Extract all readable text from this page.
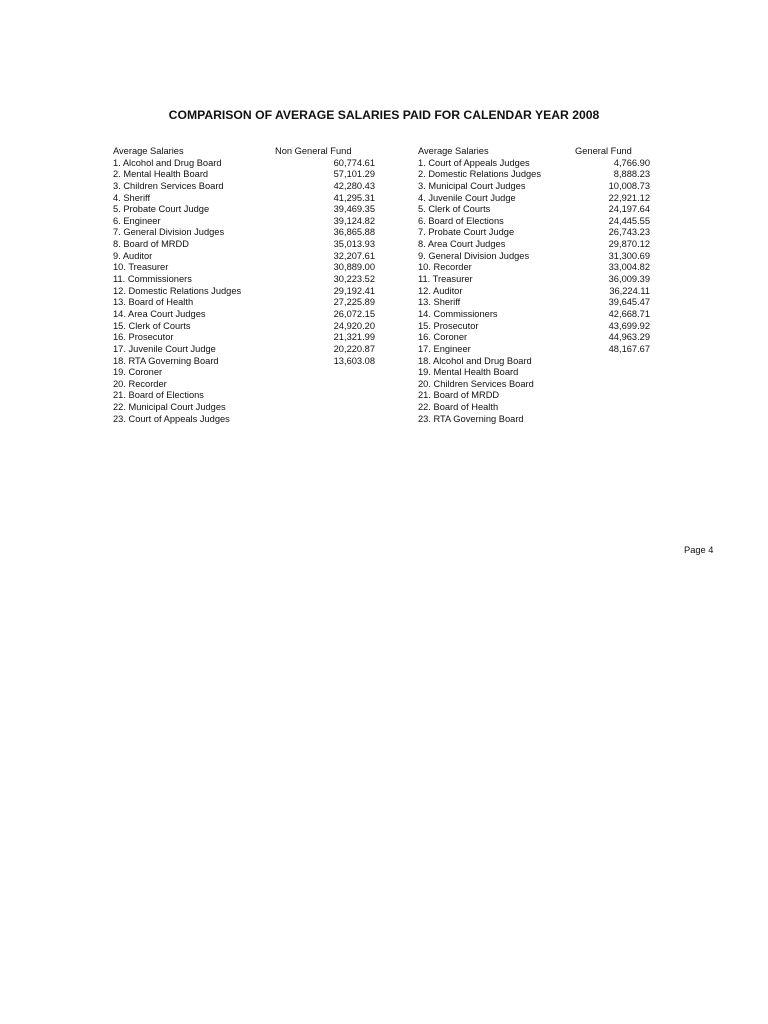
COMPARISON OF AVERAGE SALARIES PAID FOR CALENDAR YEAR 2008
Average Salaries	Non General Fund
1. Alcohol and Drug Board	60,774.61
2. Mental Health Board	57,101.29
3. Children Services Board	42,280.43
4. Sheriff	41,295.31
5. Probate Court Judge	39,469.35
6. Engineer	39,124.82
7. General Division Judges	36,865.88
8. Board of MRDD	35,013.93
9. Auditor	32,207.61
10. Treasurer	30,889.00
11. Commissioners	30,223.52
12. Domestic Relations Judges	29,192.41
13. Board of Health	27,225.89
14. Area Court Judges	26,072.15
15. Clerk of Courts	24,920.20
16. Prosecutor	21,321.99
17. Juvenile Court Judge	20,220.87
18. RTA Governing Board	13,603.08
19. Coroner
20. Recorder
21. Board of Elections
22. Municipal Court Judges
23. Court of Appeals Judges
Average Salaries	General Fund
1. Court of Appeals Judges	4,766.90
2. Domestic Relations Judges	8,888.23
3. Municipal Court Judges	10,008.73
4. Juvenile Court Judge	22,921.12
5. Clerk of Courts	24,197.64
6. Board of Elections	24,445.55
7. Probate Court Judge	26,743.23
8. Area Court Judges	29,870.12
9. General Division Judges	31,300.69
10. Recorder	33,004.82
11. Treasurer	36,009.39
12. Auditor	36,224.11
13. Sheriff	39,645.47
14. Commissioners	42,668.71
15. Prosecutor	43,699.92
16. Coroner	44,963.29
17. Engineer	48,167.67
18. Alcohol and Drug Board
19. Mental Health Board
20. Children Services Board
21. Board of MRDD
22. Board of Health
23. RTA Governing Board
Page 4
